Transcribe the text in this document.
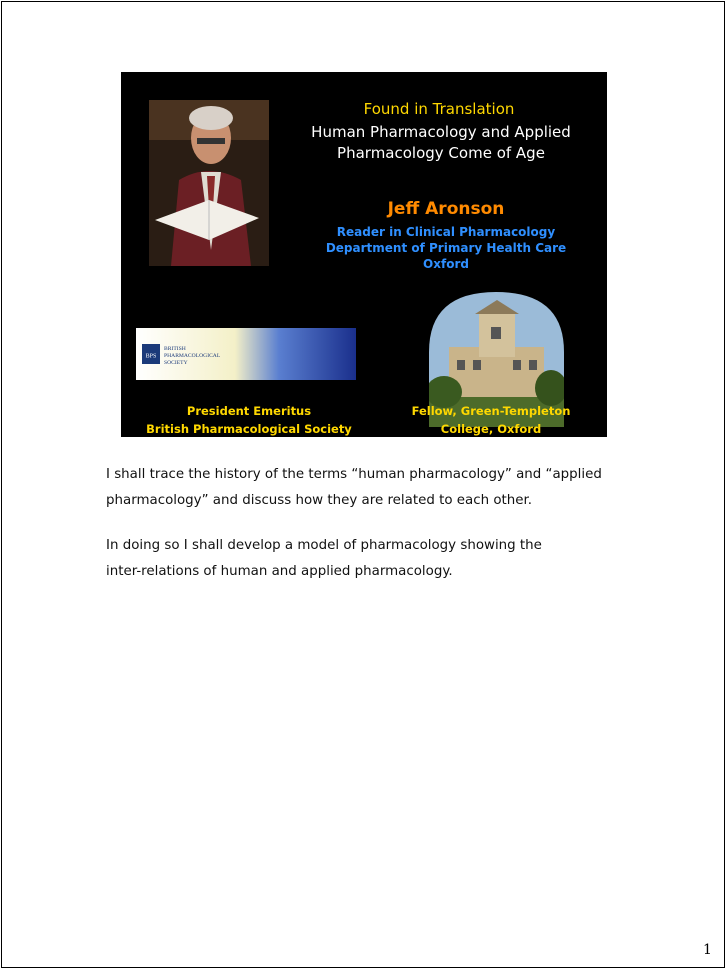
Found in Translation
Human Pharmacology and Applied Pharmacology Come of Age
Jeff Aronson
Reader in Clinical Pharmacology
Department of Primary Health Care
Oxford
BPS
BRITISH
PHARMACOLOGICAL
SOCIETY
President Emeritus
British Pharmacological Society
Fellow, Green-Templeton
College, Oxford

I shall trace the history of the terms “human pharmacology” and “applied
pharmacology” and discuss how they are related to each other.

In doing so I shall develop a model of pharmacology showing the
inter-relations of human and applied pharmacology.

1
